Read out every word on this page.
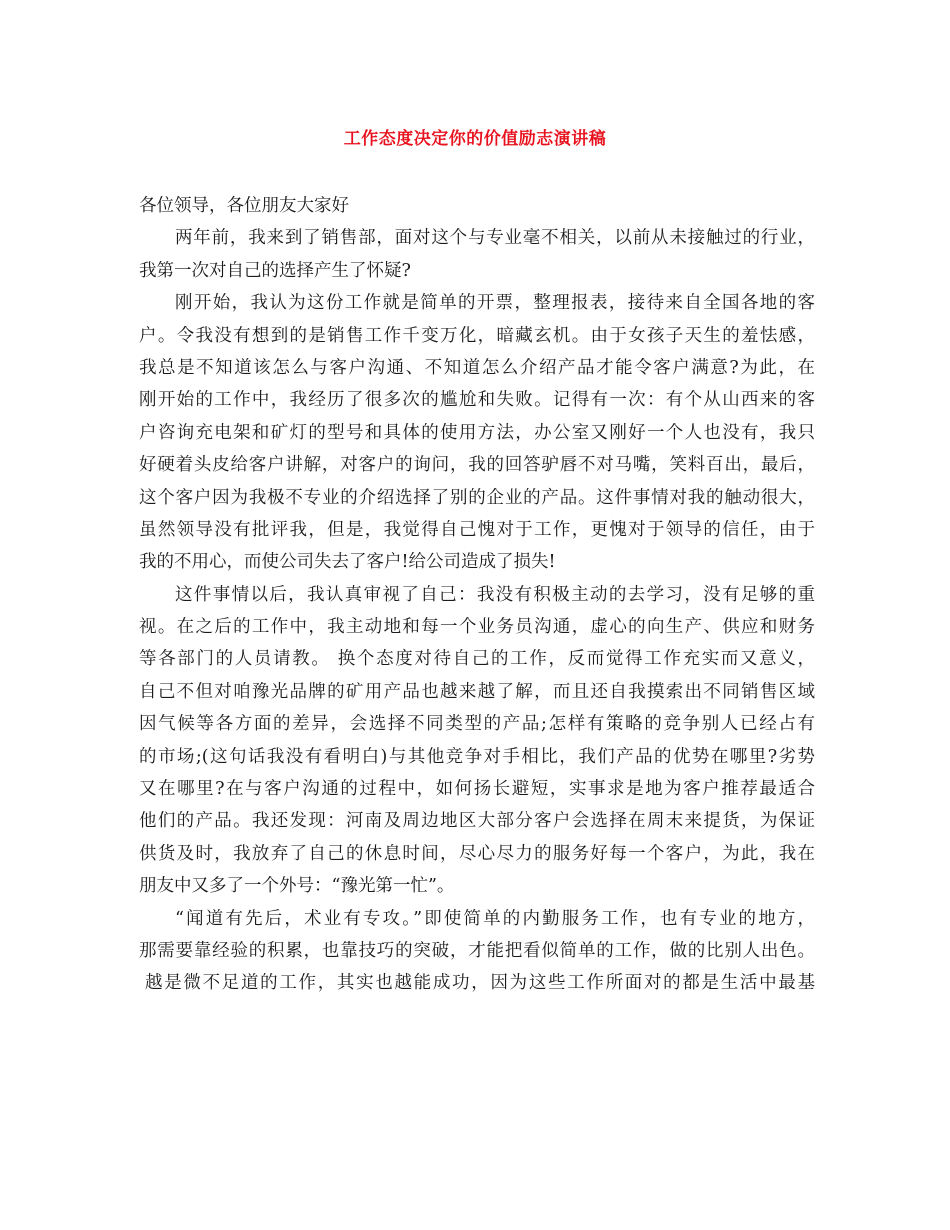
工作态度决定你的价值励志演讲稿
各位领导，各位朋友大家好
两年前，我来到了销售部，面对这个与专业毫不相关，以前从未接触过的行业，
我第一次对自己的选择产生了怀疑?
刚开始，我认为这份工作就是简单的开票，整理报表，接待来自全国各地的客
户。令我没有想到的是销售工作千变万化，暗藏玄机。由于女孩子天生的羞怯感，
我总是不知道该怎么与客户沟通、不知道怎么介绍产品才能令客户满意?为此，在
刚开始的工作中，我经历了很多次的尴尬和失败。记得有一次：有个从山西来的客
户咨询充电架和矿灯的型号和具体的使用方法，办公室又刚好一个人也没有，我只
好硬着头皮给客户讲解，对客户的询问，我的回答驴唇不对马嘴，笑料百出，最后，
这个客户因为我极不专业的介绍选择了别的企业的产品。这件事情对我的触动很大，
虽然领导没有批评我，但是，我觉得自己愧对于工作，更愧对于领导的信任，由于
我的不用心，而使公司失去了客户!给公司造成了损失!
这件事情以后，我认真审视了自己：我没有积极主动的去学习，没有足够的重
视。在之后的工作中，我主动地和每一个业务员沟通，虚心的向生产、供应和财务
等各部门的人员请教。 换个态度对待自己的工作，反而觉得工作充实而又意义，
自己不但对咱豫光品牌的矿用产品也越来越了解，而且还自我摸索出不同销售区域
因气候等各方面的差异，会选择不同类型的产品;怎样有策略的竞争别人已经占有
的市场;(这句话我没有看明白)与其他竞争对手相比，我们产品的优势在哪里?劣势
又在哪里?在与客户沟通的过程中，如何扬长避短，实事求是地为客户推荐最适合
他们的产品。我还发现：河南及周边地区大部分客户会选择在周末来提货，为保证
供货及时，我放弃了自己的休息时间，尽心尽力的服务好每一个客户，为此，我在
朋友中又多了一个外号：“豫光第一忙”。
“闻道有先后，术业有专攻。”即使简单的内勤服务工作，也有专业的地方，
那需要靠经验的积累，也靠技巧的突破，才能把看似简单的工作，做的比别人出色。
越是微不足道的工作，其实也越能成功，因为这些工作所面对的都是生活中最基
